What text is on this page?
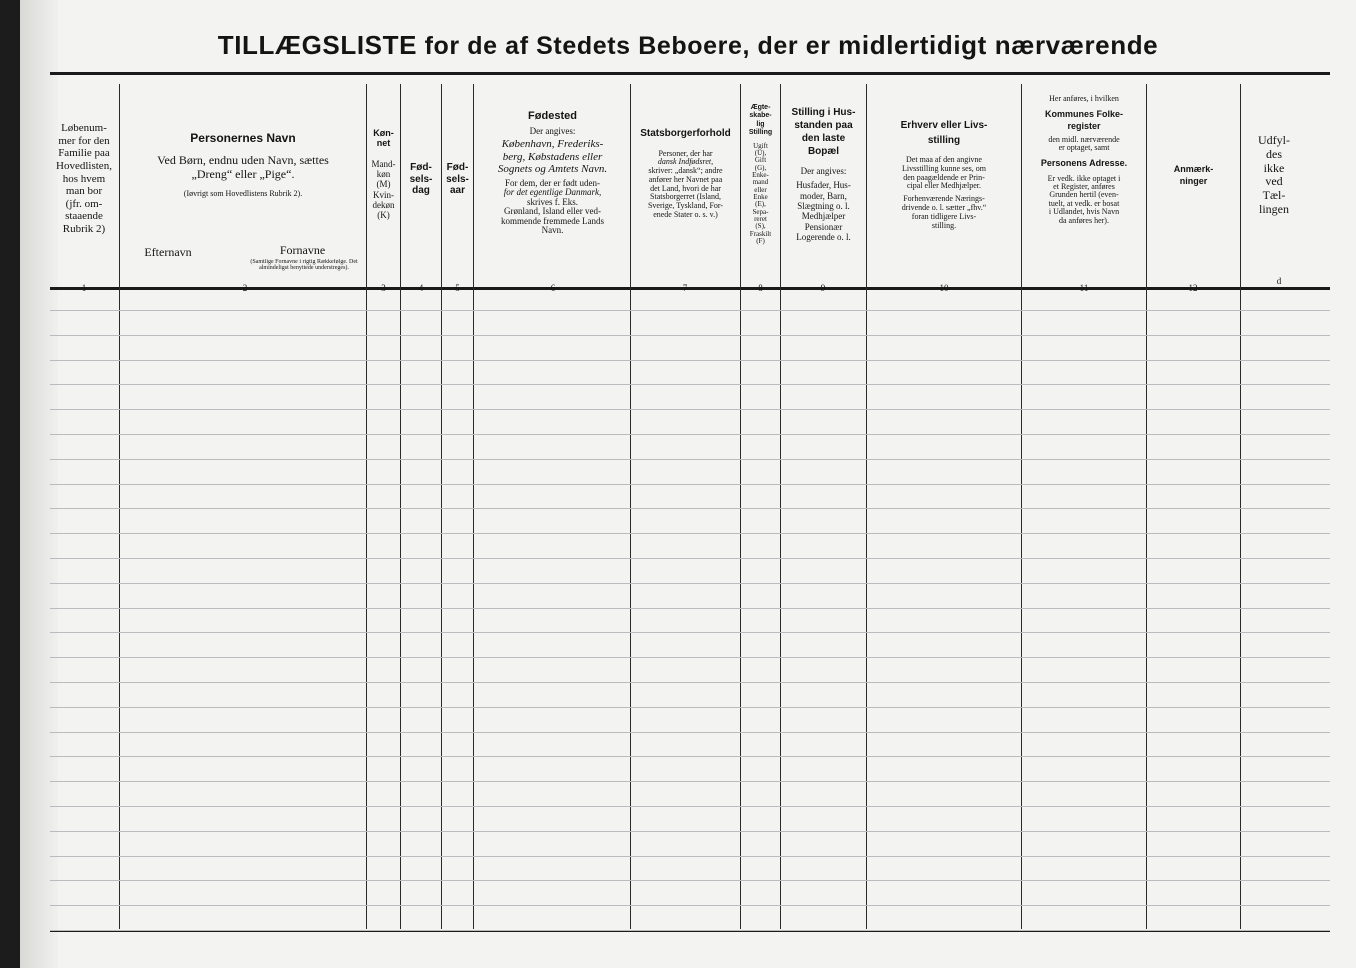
TILLÆGSLISTE for de af Stedets Beboere, der er midlertidigt nærværende

Løbenum-

mer for den

Familie paa

Hovedlisten,

hos hvem

man bor

(jfr. om-

staaende

Rubrik 2)

1

Personernes Navn

Ved Børn, endnu uden Navn, sættes

„Dreng“ eller „Pige“.

(Iøvrigt som Hovedlistens Rubrik 2).

Efternavn	Fornavne
(Samtlige Fornavne i rigtig Rækkefølge. Det almindeligst benyttede understreges).
2

Køn-
net

Mand-

køn

(M)

Kvin-

dekøn

(K)

3

Fød-
sels-
dag

4

Fød-
sels-
aar

5

Fødested

Der angives:

København, Frederiks-

berg, Købstadens eller

Sognets og Amtets Navn.

For dem, der er født uden-

for det egentlige Danmark,

skrives f. Eks.

Grønland, Island eller ved-

kommende fremmede Lands

Navn.

6

Statsborgerforhold

Personer, der har

dansk Indfødsret,

skriver: „dansk“; andre

anfører her Navnet paa

det Land, hvori de har

Statsborgerret (Island,

Sverige, Tyskland, For-

enede Stater o. s. v.)

7

Ægte-
skabe-
lig
Stilling

Ugift

(U),

Gift

(G),

Enke-

mand

eller

Enke

(E),

Sepa-

reret

(S),

Fraskilt

(F)

8

Stilling i Hus-
standen paa
den laste
Bopæl

Der angives:

Husfader, Hus-

moder, Barn,

Slægtning o. l.

Medhjælper

Pensionær

Logerende o. l.

9

Erhverv eller Livs-
stilling

Det maa af den angivne

Livsstilling kunne ses, om

den paagældende er Prin-

cipal eller Medhjælper.

Forhenværende Nærings-

drivende o. l. sætter „fhv.“

foran tidligere Livs-

stilling.

10

Her anføres, i hvilken

Kommunes Folke-
register

den midl. nærværende

er optaget, samt

Personens Adresse.

Er vedk. ikke optaget i

et Register, anføres

Grunden hertil (even-

tuelt, at vedk. er bosat

i Udlandet, hvis Navn

da anføres her).

11

Anmærk-
ninger

12

Udfyl-

des

ikke

ved

Tæl-

lingen

d
